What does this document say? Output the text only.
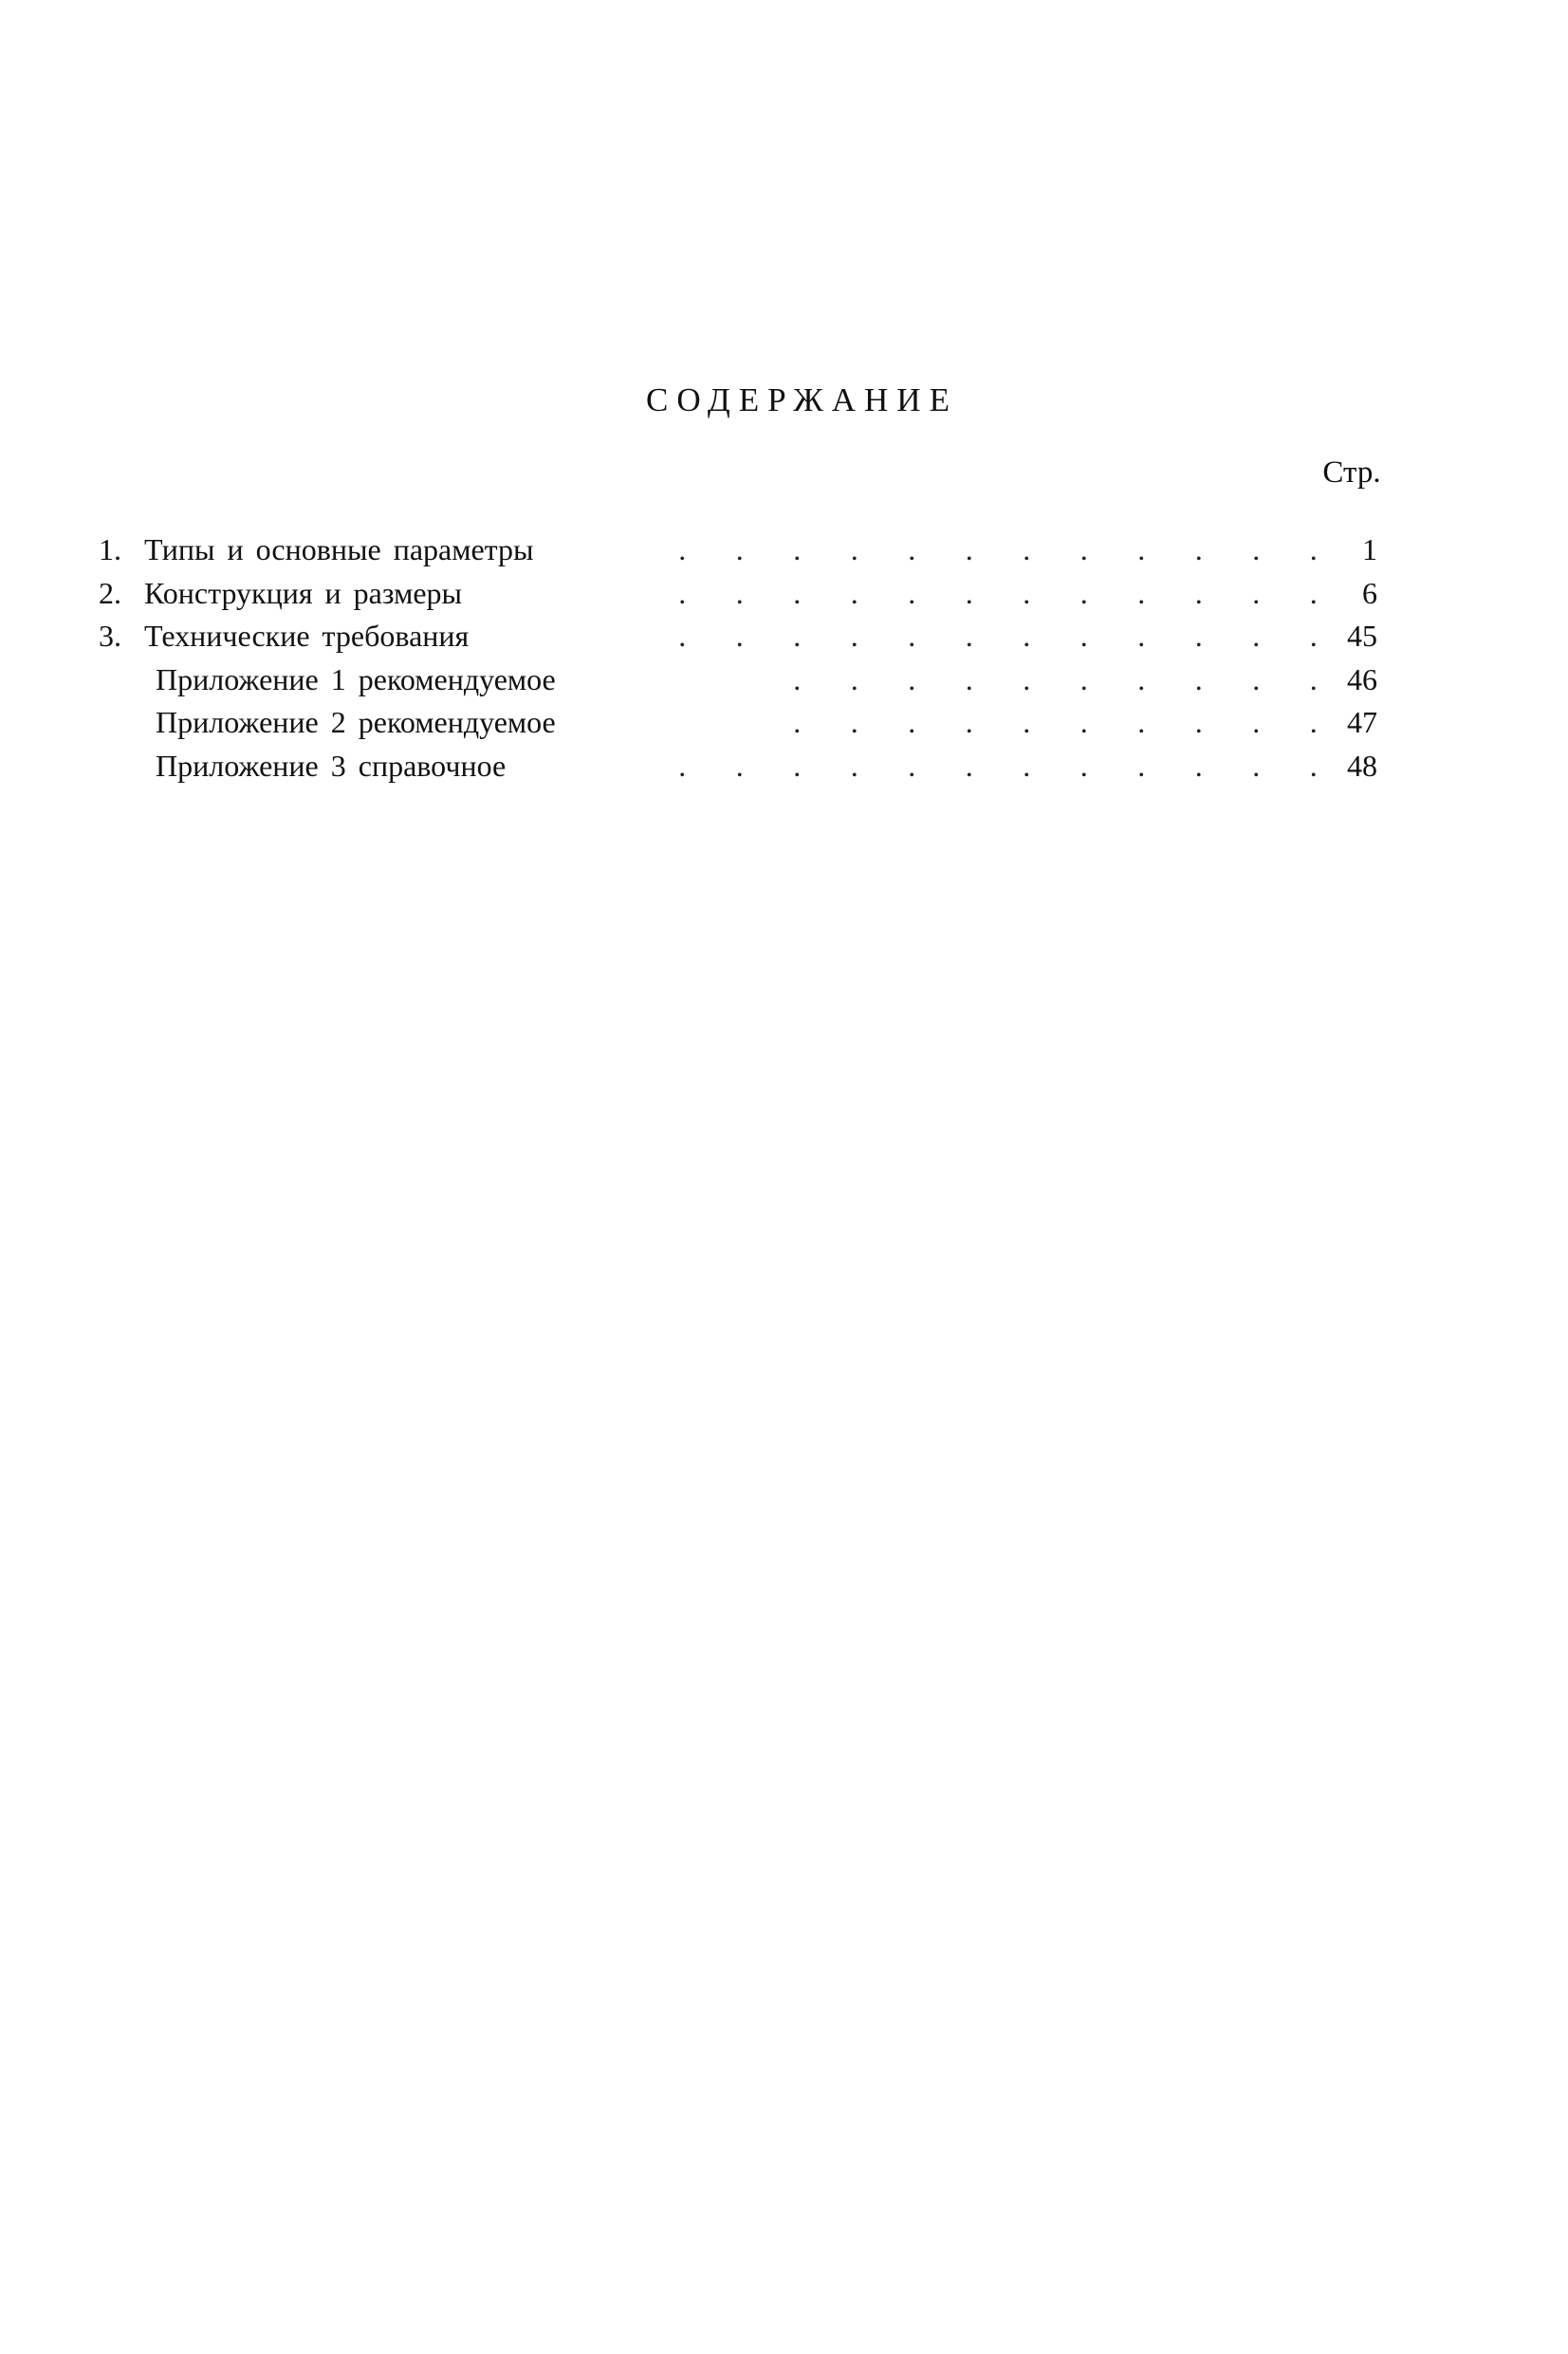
СОДЕРЖАНИЕ
Стр.
1. Типы и основные параметры	. . . . . . . . . . . .	1
2. Конструкция и размеры	. . . . . . . . . . . .	6
3. Технические требования	. . . . . . . . . . . . 45
Приложение 1 рекомендуемое	. . . . . . . . . . 46
Приложение 2 рекомендуемое	. . . . . . . . . . 47
Приложение 3 справочное	. . . . . . . . . . . . 48
